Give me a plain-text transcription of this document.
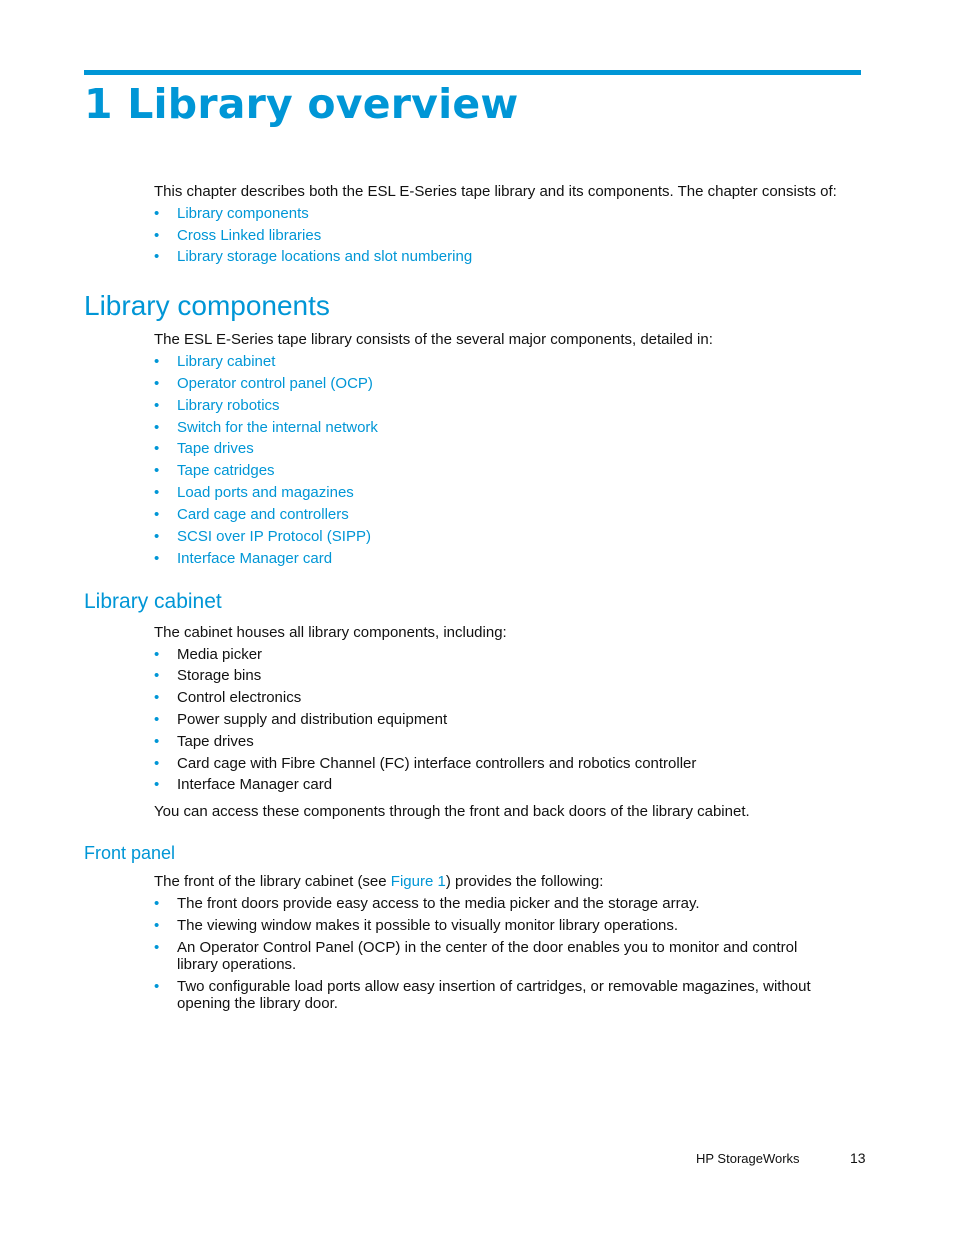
1 Library overview

This chapter describes both the ESL E-Series tape library and its components. The chapter consists of:

• Library components
• Cross Linked libraries
• Library storage locations and slot numbering
Library components

The ESL E-Series tape library consists of the several major components, detailed in:

• Library cabinet
• Operator control panel (OCP)
• Library robotics
• Switch for the internal network
• Tape drives
• Tape catridges
• Load ports and magazines
• Card cage and controllers
• SCSI over IP Protocol (SIPP)
• Interface Manager card
Library cabinet

The cabinet houses all library components, including:

• Media picker
• Storage bins
• Control electronics
• Power supply and distribution equipment
• Tape drives
• Card cage with Fibre Channel (FC) interface controllers and robotics controller
• Interface Manager card

You can access these components through the front and back doors of the library cabinet.

Front panel

The front of the library cabinet (see Figure 1) provides the following:

• The front doors provide easy access to the media picker and the storage array.
• The viewing window makes it possible to visually monitor library operations.
• An Operator Control Panel (OCP) in the center of the door enables you to monitor and control library operations.
• Two configurable load ports allow easy insertion of cartridges, or removable magazines, without opening the library door.
HP StorageWorks	13
